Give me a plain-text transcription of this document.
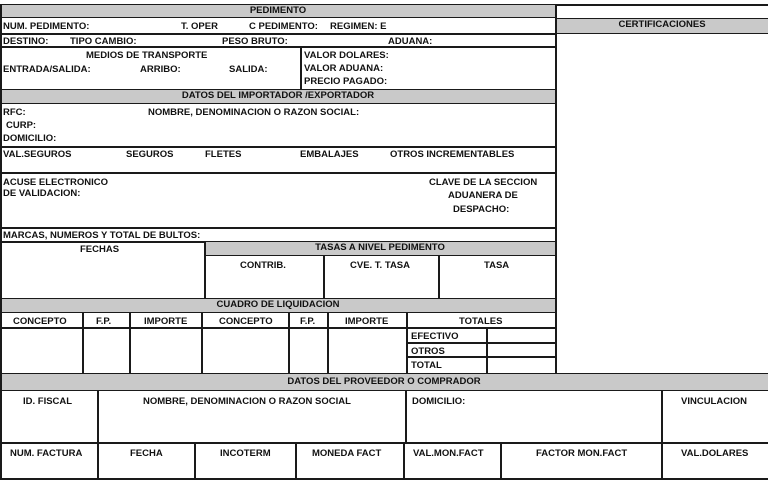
PEDIMENTO
CERTIFICACIONES
DATOS DEL IMPORTADOR /EXPORTADOR
TASAS A NIVEL PEDIMENTO
CUADRO DE LIQUIDACION
DATOS DEL PROVEEDOR O COMPRADOR
NUM. PEDIMENTO:	T. OPER	C PEDIMENTO: REGIMEN: E
DESTINO: TIPO CAMBIO:	PESO BRUTO:	ADUANA:
MEDIOS DE TRANSPORTE
ENTRADA/SALIDA:	ARRIBO:	SALIDA:
VALOR DOLARES:
VALOR ADUANA:
PRECIO PAGADO:
RFC:	NOMBRE, DENOMINACION O RAZON SOCIAL:
CURP:
DOMICILIO:
VAL.SEGUROS	SEGUROS	FLETES	EMBALAJES	OTROS INCREMENTABLES
ACUSE ELECTRONICO
DE VALIDACION:
CLAVE DE LA SECCION
ADUANERA DE
DESPACHO:
MARCAS, NUMEROS Y TOTAL DE BULTOS:
FECHAS
CONTRIB.	CVE. T. TASA	TASA
CONCEPTO	F.P.	IMPORTE	CONCEPTO	F.P.	IMPORTE	TOTALES
EFECTIVO
OTROS
TOTAL
ID. FISCAL	NOMBRE, DENOMINACION O RAZON SOCIAL	DOMICILIO:	VINCULACION
NUM. FACTURA	FECHA	INCOTERM	MONEDA FACT	VAL.MON.FACT	FACTOR MON.FACT	VAL.DOLARES
